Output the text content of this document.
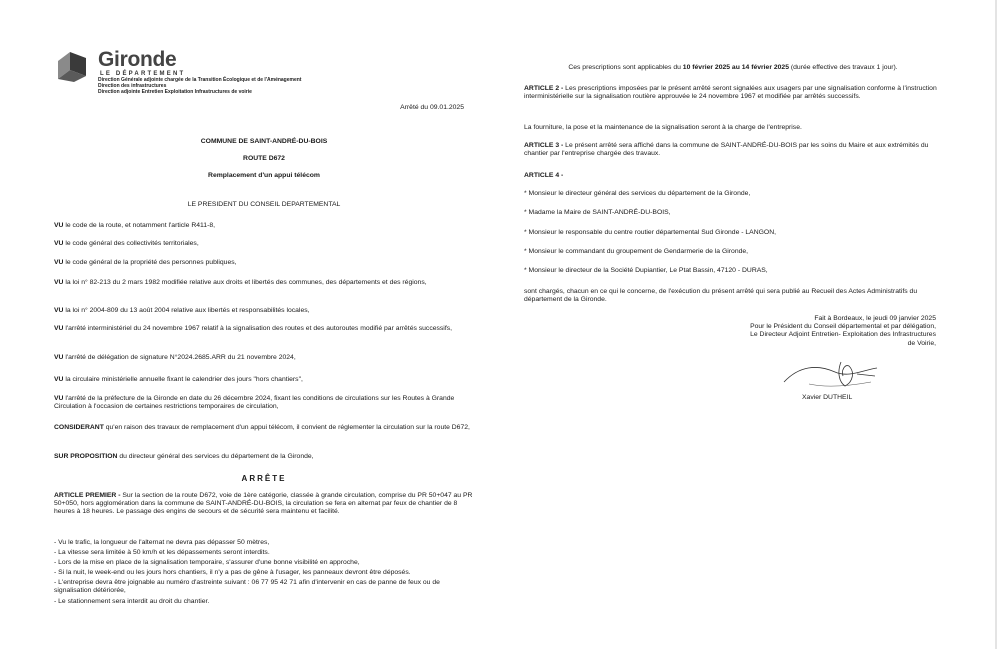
Gironde
LE DÉPARTEMENT
Direction Générale adjointe chargée de la Transition Écologique et de l'Aménagement
Direction des infrastructures
Direction adjointe Entretien Exploitation Infrastructures de voirie

Arrêté du 09.01.2025

COMMUNE DE SAINT-ANDRÉ-DU-BOIS

ROUTE D672

Remplacement d'un appui télécom

LE PRESIDENT DU CONSEIL DEPARTEMENTAL

VU le code de la route, et notamment l'article R411-8,

VU le code général des collectivités territoriales,

VU le code général de la propriété des personnes publiques,

VU la loi n° 82-213 du 2 mars 1982 modifiée relative aux droits et libertés des communes, des départements et des régions,

VU la loi n° 2004-809 du 13 août 2004 relative aux libertés et responsabilités locales,

VU l'arrêté interministériel du 24 novembre 1967 relatif à la signalisation des routes et des autoroutes modifié par arrêtés successifs,

VU l'arrêté de délégation de signature N°2024.2685.ARR du 21 novembre 2024,

VU la circulaire ministérielle annuelle fixant le calendrier des jours "hors chantiers",

VU l'arrêté de la préfecture de la Gironde en date du 26 décembre 2024, fixant les conditions de circulations sur les Routes à Grande Circulation à l'occasion de certaines restrictions temporaires de circulation,

CONSIDERANT qu'en raison des travaux de remplacement d'un appui télécom, il convient de réglementer la circulation sur la route D672,

SUR PROPOSITION du directeur général des services du département de la Gironde,

ARRÊTE

ARTICLE PREMIER - Sur la section de la route D672, voie de 1ère catégorie, classée à grande circulation, comprise du PR 50+047 au PR 50+050, hors agglomération dans la commune de SAINT-ANDRÉ-DU-BOIS, la circulation se fera en alternat par feux de chantier de 8 heures à 18 heures. Le passage des engins de secours et de sécurité sera maintenu et facilité.

- Vu le trafic, la longueur de l'alternat ne devra pas dépasser 50 mètres,

- La vitesse sera limitée à 50 km/h et les dépassements seront interdits.

- Lors de la mise en place de la signalisation temporaire, s'assurer d'une bonne visibilité en approche,

- Si la nuit, le week-end ou les jours hors chantiers, il n'y a pas de gêne à l'usager, les panneaux devront être déposés.

- L'entreprise devra être joignable au numéro d'astreinte suivant : 06 77 95 42 71 afin d'intervenir en cas de panne de feux ou de signalisation détériorée,

- Le stationnement sera interdit au droit du chantier.

Ces prescriptions sont applicables du 10 février 2025 au 14 février 2025 (durée effective des travaux 1 jour).

ARTICLE 2 - Les prescriptions imposées par le présent arrêté seront signalées aux usagers par une signalisation conforme à l'instruction interministérielle sur la signalisation routière approuvée le 24 novembre 1967 et modifiée par arrêtés successifs.

La fourniture, la pose et la maintenance de la signalisation seront à la charge de l'entreprise.

ARTICLE 3 - Le présent arrêté sera affiché dans la commune de SAINT-ANDRÉ-DU-BOIS par les soins du Maire et aux extrémités du chantier par l'entreprise chargée des travaux.

ARTICLE 4 -

* Monsieur le directeur général des services du département de la Gironde,

* Madame la Maire de SAINT-ANDRÉ-DU-BOIS,

* Monsieur le responsable du centre routier départemental Sud Gironde - LANGON,

* Monsieur le commandant du groupement de Gendarmerie de la Gironde,

* Monsieur le directeur de la Société Dupiantier, Le Ptat Bassin, 47120 - DURAS,

sont chargés, chacun en ce qui le concerne, de l'exécution du présent arrêté qui sera publié au Recueil des Actes Administratifs du département de la Gironde.

Fait à Bordeaux, le jeudi 09 janvier 2025

Pour le Président du Conseil départemental et par délégation,

Le Directeur Adjoint Entretien- Exploitation des Infrastructures

de Voirie,

Xavier DUTHEIL
